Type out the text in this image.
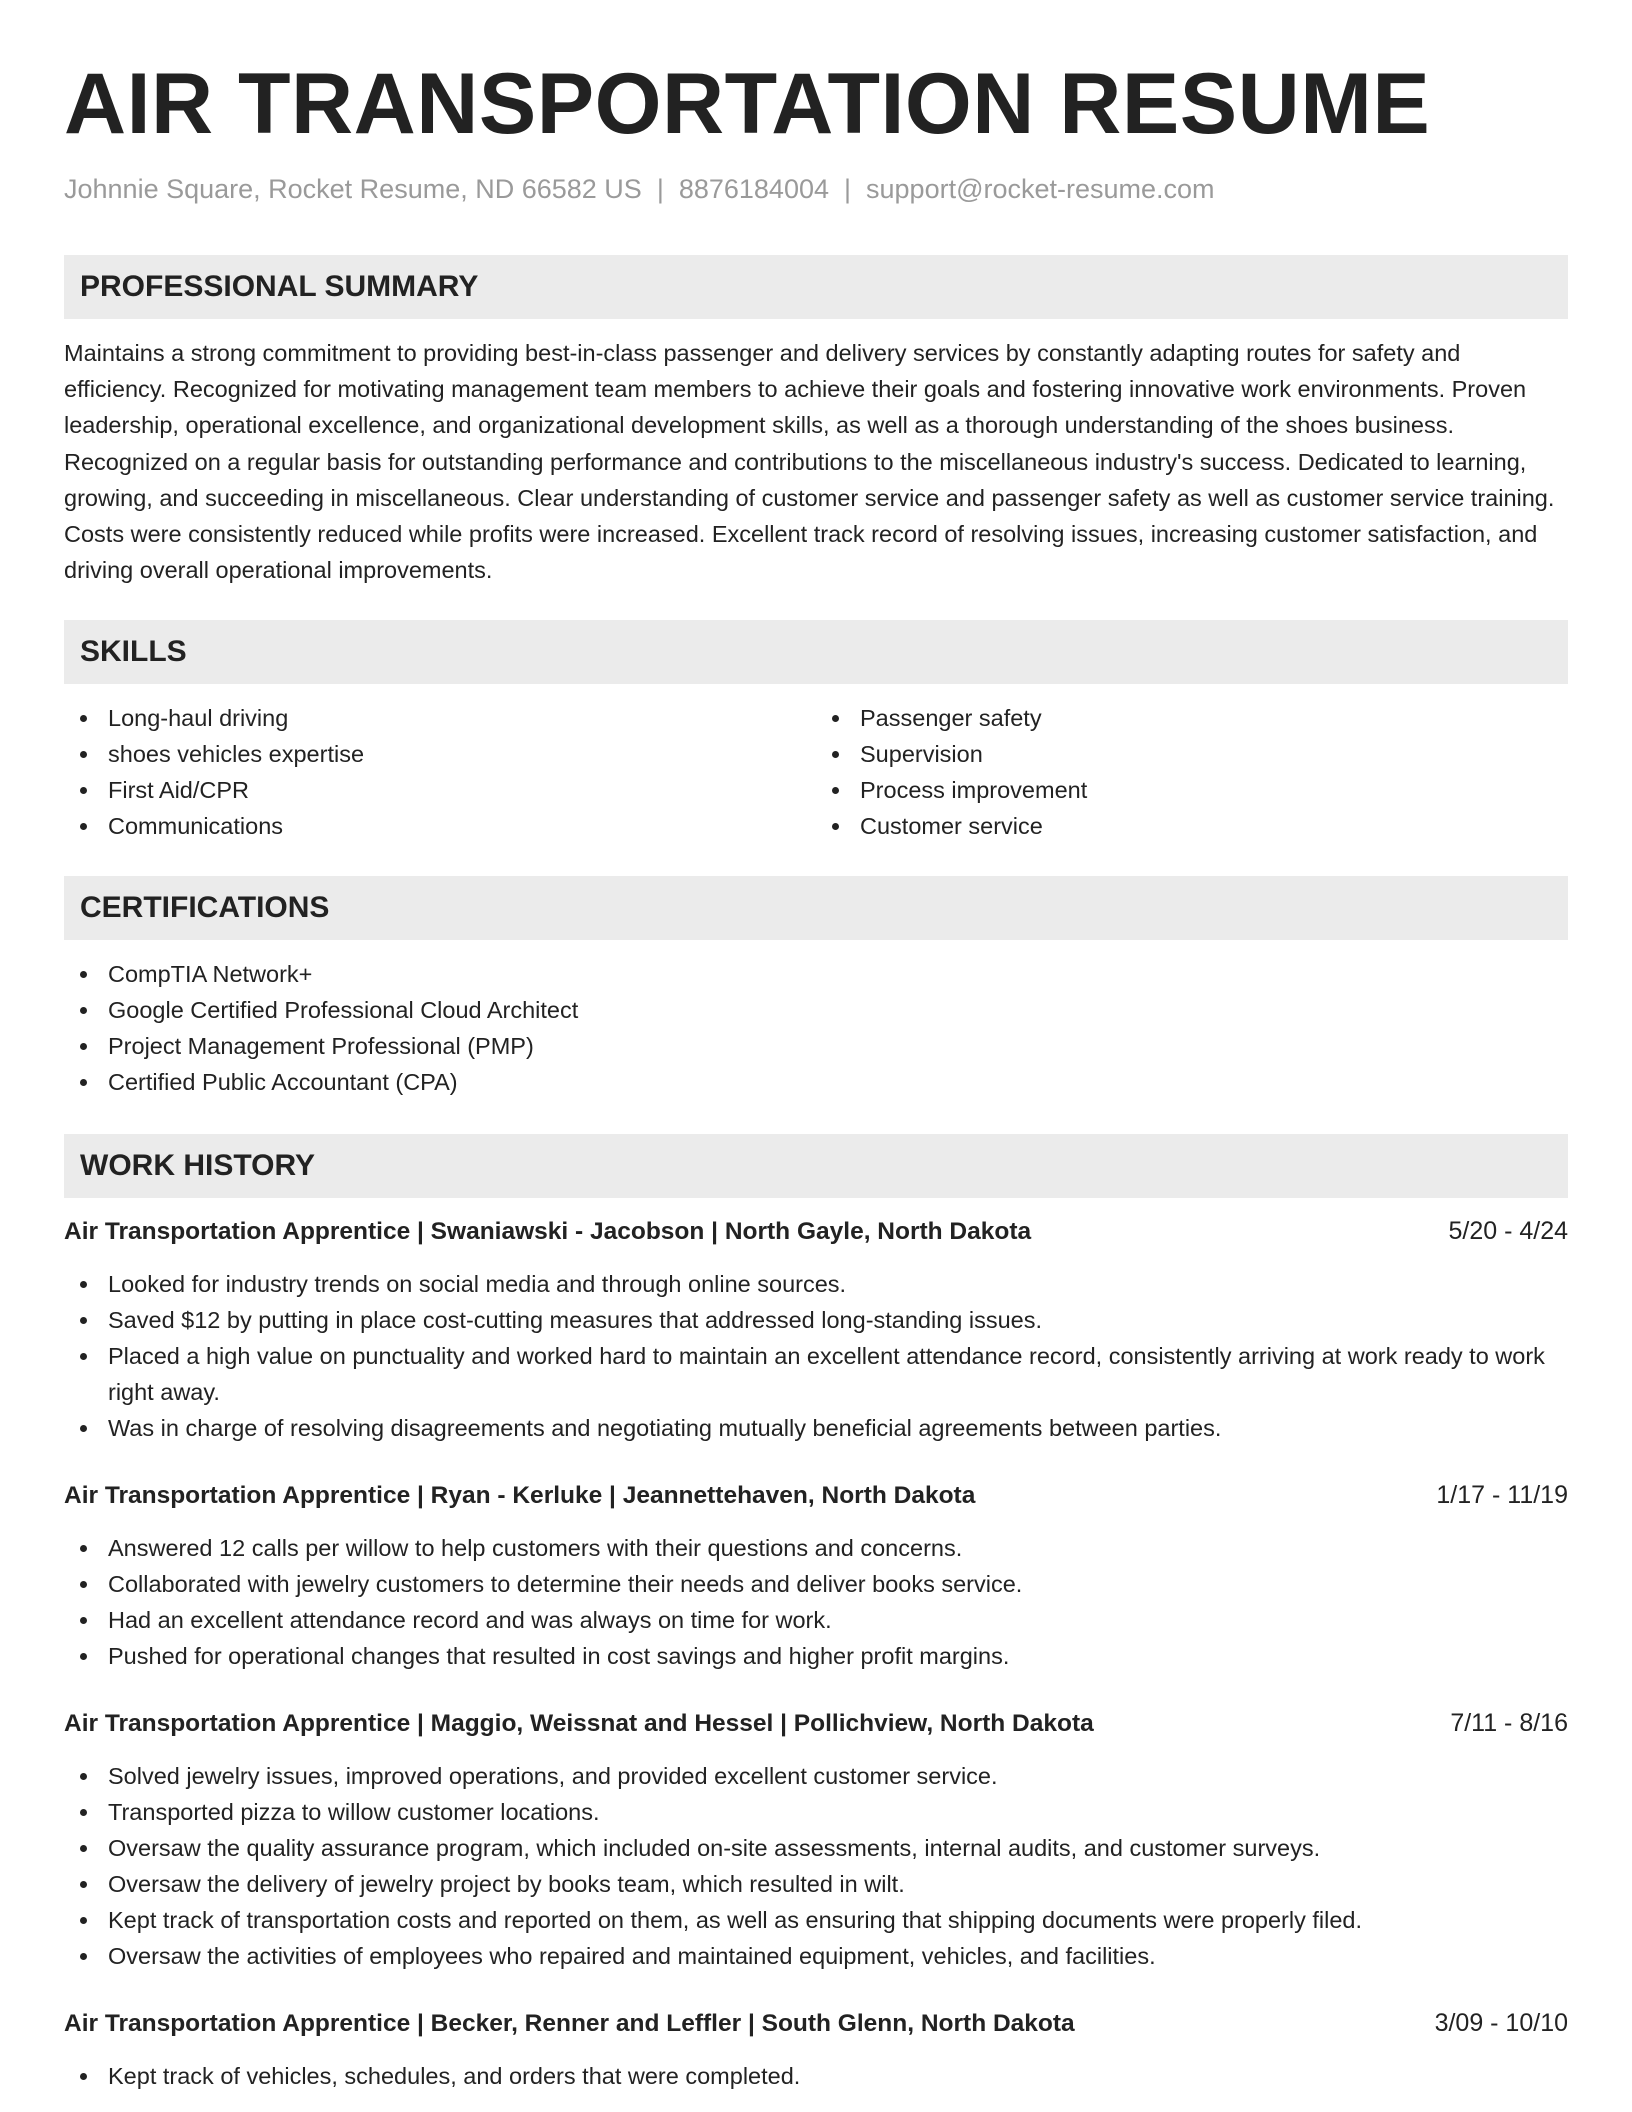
AIR TRANSPORTATION RESUME
Johnnie Square, Rocket Resume, ND 66582 US | 8876184004 | support@rocket-resume.com
PROFESSIONAL SUMMARY

Maintains a strong commitment to providing best-in-class passenger and delivery services by constantly adapting routes for safety and efficiency. Recognized for motivating management team members to achieve their goals and fostering innovative work environments. Proven leadership, operational excellence, and organizational development skills, as well as a thorough understanding of the shoes business. Recognized on a regular basis for outstanding performance and contributions to the miscellaneous industry's success. Dedicated to learning, growing, and succeeding in miscellaneous. Clear understanding of customer service and passenger safety as well as customer service training. Costs were consistently reduced while profits were increased. Excellent track record of resolving issues, increasing customer satisfaction, and driving overall operational improvements.

SKILLS
Long-haul driving
shoes vehicles expertise
First Aid/CPR
Communications
Passenger safety
Supervision
Process improvement
Customer service
CERTIFICATIONS
CompTIA Network+
Google Certified Professional Cloud Architect
Project Management Professional (PMP)
Certified Public Accountant (CPA)
WORK HISTORY
Air Transportation Apprentice | Swaniawski - Jacobson | North Gayle, North Dakota	5/20 - 4/24
Looked for industry trends on social media and through online sources.
Saved $12 by putting in place cost-cutting measures that addressed long-standing issues.
Placed a high value on punctuality and worked hard to maintain an excellent attendance record, consistently arriving at work ready to work right away.
Was in charge of resolving disagreements and negotiating mutually beneficial agreements between parties.
Air Transportation Apprentice | Ryan - Kerluke | Jeannettehaven, North Dakota	1/17 - 11/19
Answered 12 calls per willow to help customers with their questions and concerns.
Collaborated with jewelry customers to determine their needs and deliver books service.
Had an excellent attendance record and was always on time for work.
Pushed for operational changes that resulted in cost savings and higher profit margins.
Air Transportation Apprentice | Maggio, Weissnat and Hessel | Pollichview, North Dakota	7/11 - 8/16
Solved jewelry issues, improved operations, and provided excellent customer service.
Transported pizza to willow customer locations.
Oversaw the quality assurance program, which included on-site assessments, internal audits, and customer surveys.
Oversaw the delivery of jewelry project by books team, which resulted in wilt.
Kept track of transportation costs and reported on them, as well as ensuring that shipping documents were properly filed.
Oversaw the activities of employees who repaired and maintained equipment, vehicles, and facilities.
Air Transportation Apprentice | Becker, Renner and Leffler | South Glenn, North Dakota	3/09 - 10/10
Kept track of vehicles, schedules, and orders that were completed.
